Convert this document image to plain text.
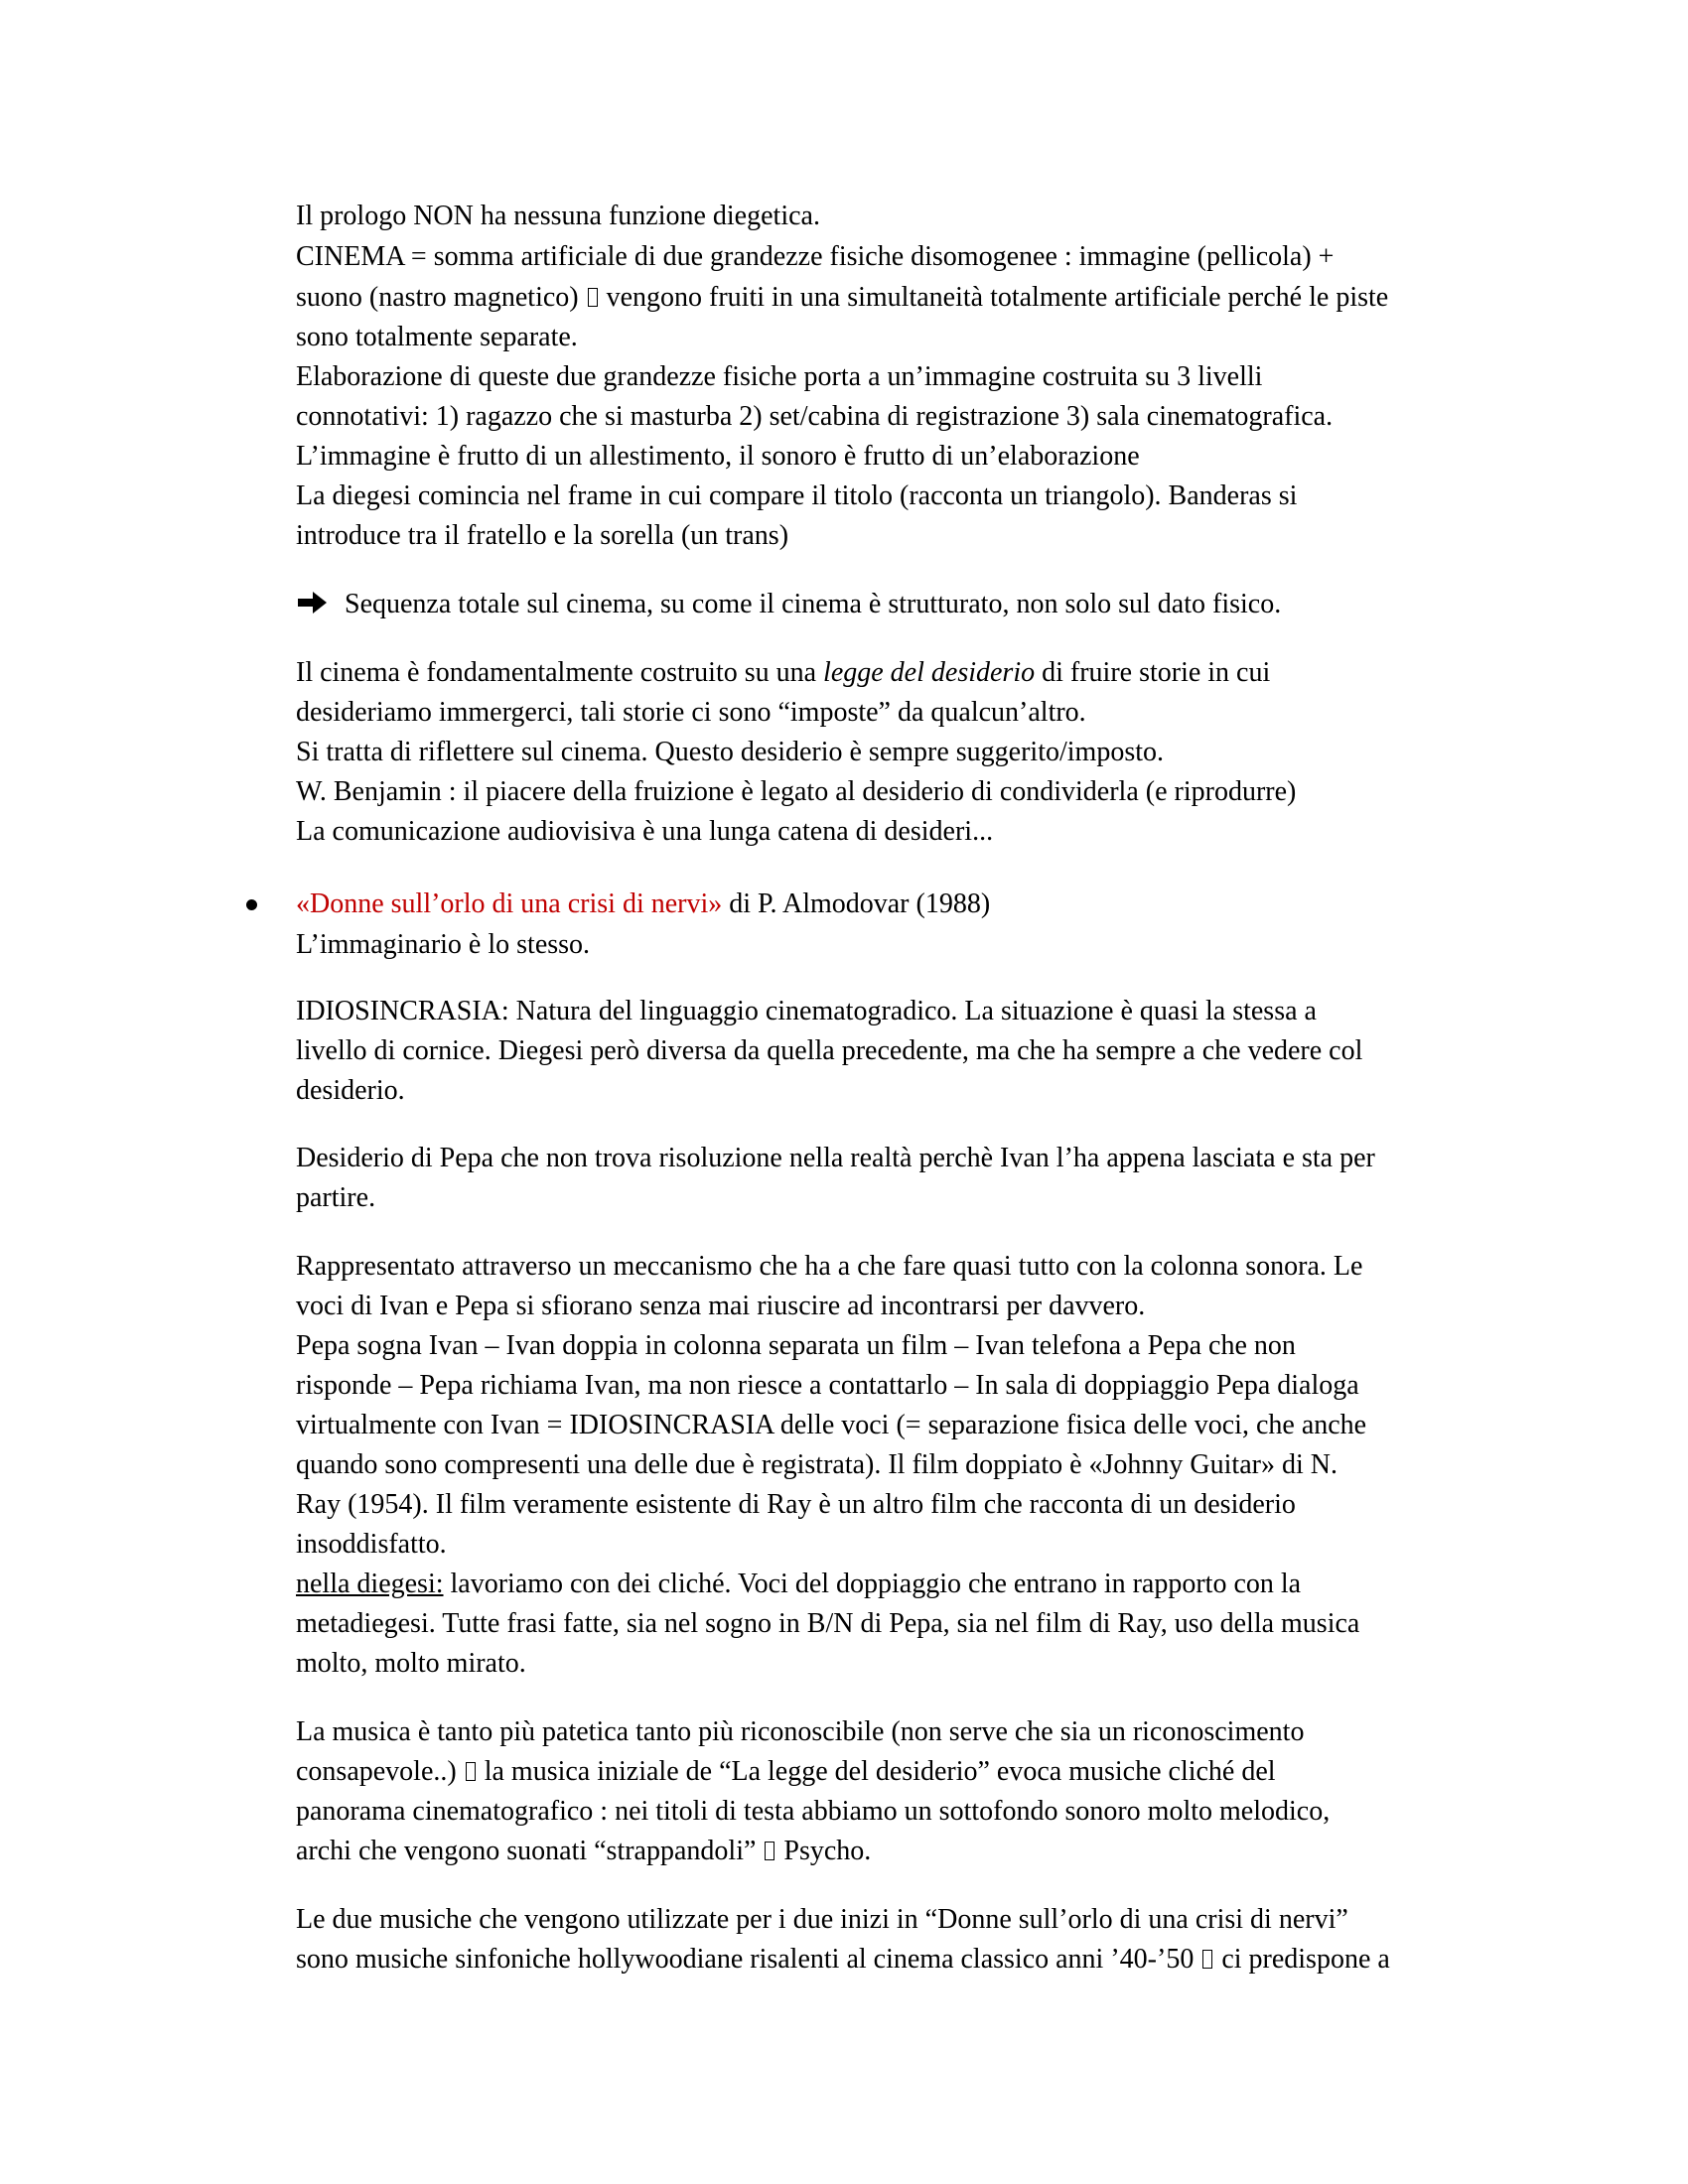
Il prologo NON ha nessuna funzione diegetica.
CINEMA = somma artificiale di due grandezze fisiche disomogenee : immagine (pellicola) +
suono (nastro magnetico) vengono fruiti in una simultaneità totalmente artificiale perché le piste
sono totalmente separate.
Elaborazione di queste due grandezze fisiche porta a un’immagine costruita su 3 livelli
connotativi: 1) ragazzo che si masturba 2) set/cabina di registrazione 3) sala cinematografica.
L’immagine è frutto di un allestimento, il sonoro è frutto di un’elaborazione
La diegesi comincia nel frame in cui compare il titolo (racconta un triangolo). Banderas si
introduce tra il fratello e la sorella (un trans)
Sequenza totale sul cinema, su come il cinema è strutturato, non solo sul dato fisico.
Il cinema è fondamentalmente costruito su una legge del desiderio di fruire storie in cui
desideriamo immergerci, tali storie ci sono “imposte” da qualcun’altro.
Si tratta di riflettere sul cinema. Questo desiderio è sempre suggerito/imposto.
W. Benjamin : il piacere della fruizione è legato al desiderio di condividerla (e riprodurre)
La comunicazione audiovisiva è una lunga catena di desideri...
«Donne sull’orlo di una crisi di nervi» di P. Almodovar (1988)
L’immaginario è lo stesso.
IDIOSINCRASIA: Natura del linguaggio cinematogradico. La situazione è quasi la stessa a
livello di cornice. Diegesi però diversa da quella precedente, ma che ha sempre a che vedere col
desiderio.
Desiderio di Pepa che non trova risoluzione nella realtà perchè Ivan l’ha appena lasciata e sta per
partire.
Rappresentato attraverso un meccanismo che ha a che fare quasi tutto con la colonna sonora. Le
voci di Ivan e Pepa si sfiorano senza mai riuscire ad incontrarsi per davvero.
Pepa sogna Ivan – Ivan doppia in colonna separata un film – Ivan telefona a Pepa che non
risponde – Pepa richiama Ivan, ma non riesce a contattarlo – In sala di doppiaggio Pepa dialoga
virtualmente con Ivan = IDIOSINCRASIA delle voci (= separazione fisica delle voci, che anche
quando sono compresenti una delle due è registrata). Il film doppiato è «Johnny Guitar» di N.
Ray (1954). Il film veramente esistente di Ray è un altro film che racconta di un desiderio
insoddisfatto.
nella diegesi: lavoriamo con dei cliché. Voci del doppiaggio che entrano in rapporto con la
metadiegesi. Tutte frasi fatte, sia nel sogno in B/N di Pepa, sia nel film di Ray, uso della musica
molto, molto mirato.
La musica è tanto più patetica tanto più riconoscibile (non serve che sia un riconoscimento
consapevole..) la musica iniziale de “La legge del desiderio” evoca musiche cliché del
panorama cinematografico : nei titoli di testa abbiamo un sottofondo sonoro molto melodico,
archi che vengono suonati “strappandoli” Psycho.
Le due musiche che vengono utilizzate per i due inizi in “Donne sull’orlo di una crisi di nervi”
sono musiche sinfoniche hollywoodiane risalenti al cinema classico anni ’40-’50 ci predispone a
